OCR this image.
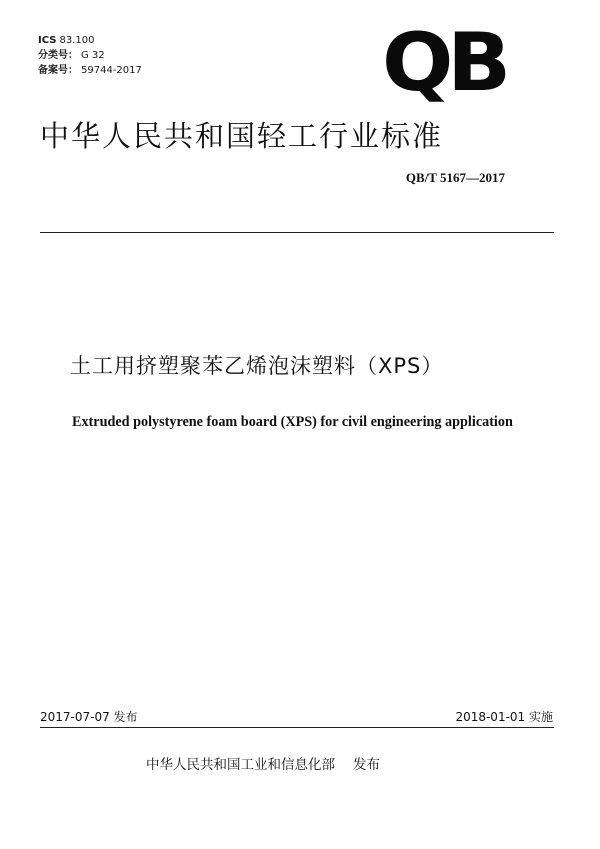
ICS 83.100
分类号： G 32
备案号： 59744-2017	QB
中华人民共和国轻工行业标准
QB/T 5167—2017
土工用挤塑聚苯乙烯泡沫塑料（XPS）
Extruded polystyrene foam board (XPS) for civil engineering application
2017-07-07 发布	2018-01-01 实施
中华人民共和国工业和信息化部 发布
